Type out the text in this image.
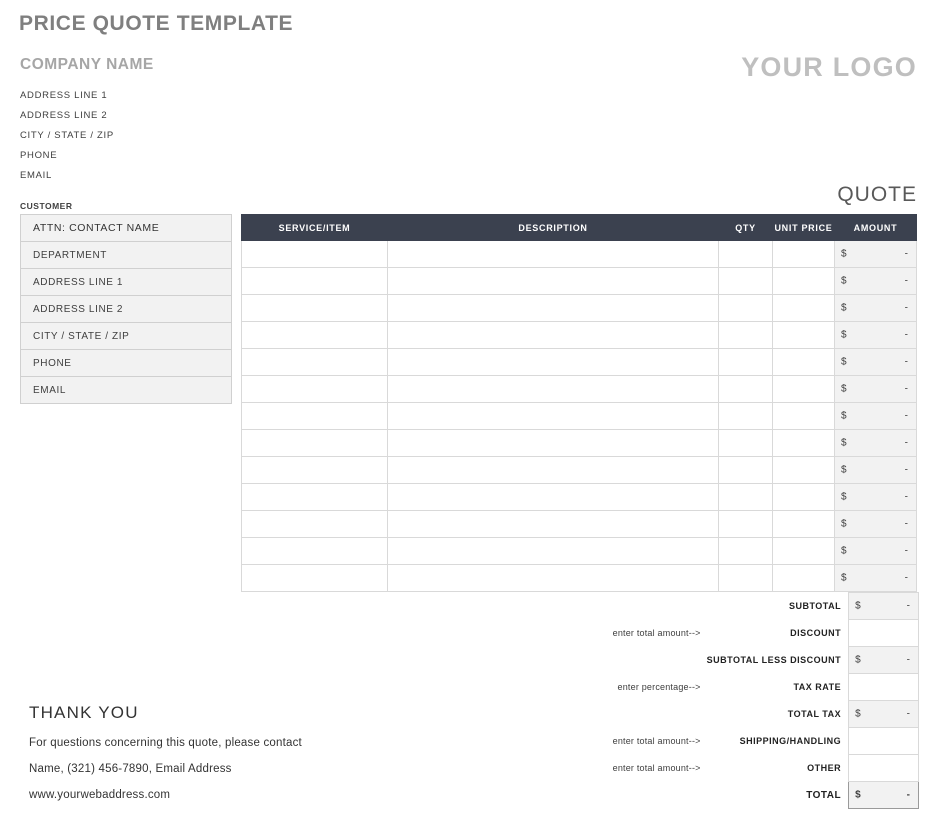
PRICE QUOTE TEMPLATE
COMPANY NAME
ADDRESS LINE 1
ADDRESS LINE 2
CITY / STATE / ZIP
PHONE
EMAIL
YOUR LOGO
QUOTE
CUSTOMER
ATTN: CONTACT NAME
DEPARTMENT
ADDRESS LINE 1
ADDRESS LINE 2
CITY / STATE / ZIP
PHONE
EMAIL
SERVICE/ITEM	DESCRIPTION	QTY	UNIT PRICE	AMOUNT

				$ -

				$ -

				$ -

				$ -

				$ -

				$ -

				$ -

				$ -

				$ -

				$ -

				$ -

				$ -

				$ -
	SUBTOTAL	$ -

enter total amount-->	DISCOUNT	
	SUBTOTAL LESS DISCOUNT	$ -

enter percentage-->	TAX RATE	
	TOTAL TAX	$ -

enter total amount-->	SHIPPING/HANDLING	
enter total amount-->	OTHER	
	TOTAL	$ -
THANK YOU

For questions concerning this quote, please contact

Name, (321) 456-7890, Email Address

www.yourwebaddress.com
